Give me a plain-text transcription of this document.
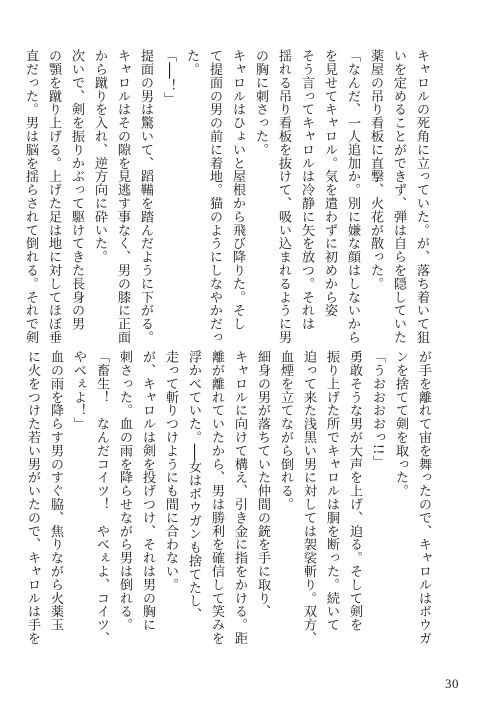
キャロルの死角に立っていた。が、落ち着いて狙
いを定めることができず、弾は自らを隠していた
薬屋の吊り看板に直撃、火花が散った。
「なんだ、一人追加か。別に嫌な顔はしないから
を見せてキャロル。気を遣わずに初めから姿
そう言ってキャロルは冷静に矢を放つ。それは
揺れる吊り看板を抜けて、吸い込まれるように男
の胸に刺さった。
キャロルはひょいと屋根から飛び降りた。そし
て提面の男の前に着地。猫のようにしなやかだっ
た。
「──！」
提面の男は驚いて、蹈鞴を踏んだように下がる。
キャロルはその隙を見逃す事なく、男の膝に正面
から蹴りを入れ、逆方向に砕いた。
次いで、剣を振りかぶって駆けてきた長身の男
の顎を蹴り上げる。上げた足は地に対してほぼ垂
直だった。男は脳を揺らされて倒れる。それで剣
が手を離れて宙を舞ったので、キャロルはボウガ
ンを捨てて剣を取った。
「うおおおおっ!!」
勇敢そうな男が大声を上げ、迫る。そして剣を
振り上げた所でキャロルは胴を断った。続いて
迫って来た浅黒い男に対しては袈裟斬り。双方、
血煙を立てながら倒れる。
細身の男が落ちていた仲間の銃を手に取り、
キャロルに向けて構え、引き金に指をかける。距
離が離れていたから、男は勝利を確信して笑みを
浮かべていた。──女はボウガンも捨てたし、
走って斬りつけようにも間に合わない。
が、キャロルは剣を投げつけ、それは男の胸に
刺さった。血の雨を降らせながら男は倒れる。
「畜生！　なんだコイツ！　やべぇよ、コイツ、
やべぇよ！」
血の雨を降らす男のすぐ脇、焦りながら火薬玉
に火をつけた若い男がいたので、キャロルは手を
30
